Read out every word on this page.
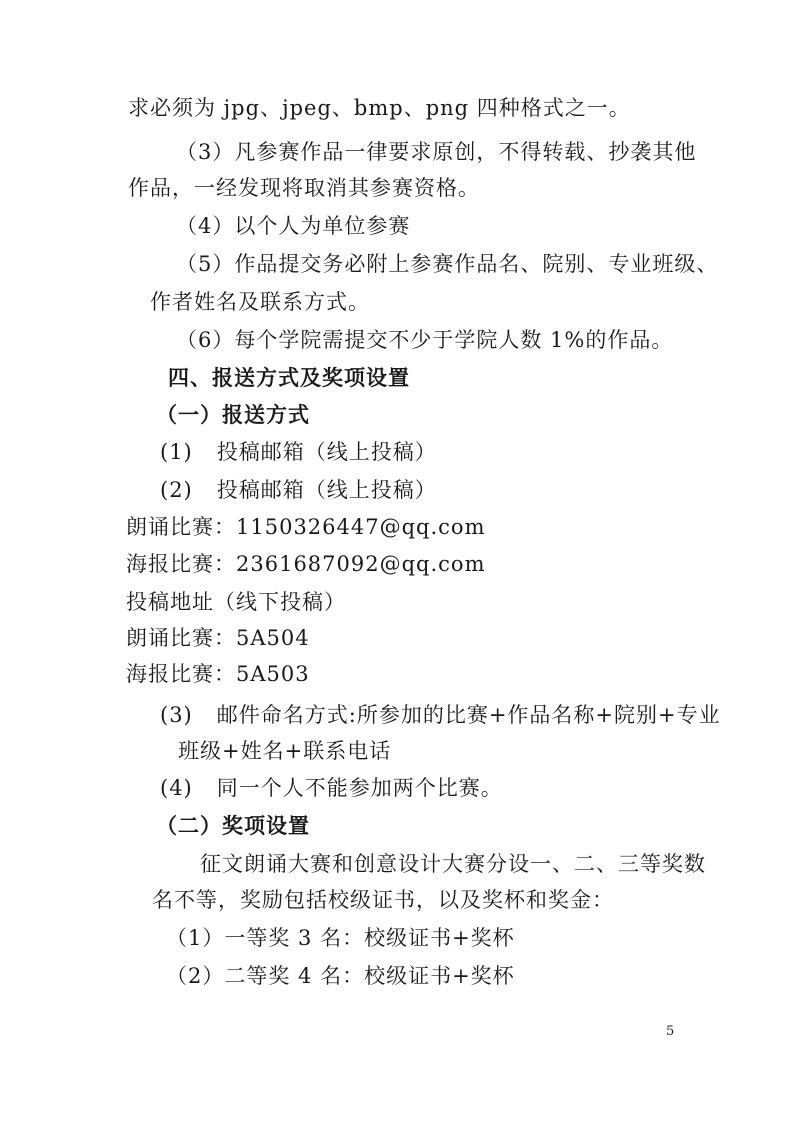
求必须为 jpg、jpeg、bmp、png 四种格式之一。
（3）凡参赛作品一律要求原创，不得转载、抄袭其他
作品，一经发现将取消其参赛资格。
（4）以个人为单位参赛
（5）作品提交务必附上参赛作品名、院别、专业班级、
作者姓名及联系方式。
（6）每个学院需提交不少于学院人数 1%的作品。
四、报送方式及奖项设置
（一）报送方式
(1) 投稿邮箱（线上投稿）
(2) 投稿邮箱（线上投稿）
朗诵比赛：1150326447@qq.com
海报比赛：2361687092@qq.com
投稿地址（线下投稿）
朗诵比赛：5A504
海报比赛：5A503
(3) 邮件命名方式:所参加的比赛+作品名称+院别+专业
班级+姓名+联系电话
(4) 同一个人不能参加两个比赛。
（二）奖项设置
征文朗诵大赛和创意设计大赛分设一、二、三等奖数
名不等，奖励包括校级证书，以及奖杯和奖金：
（1）一等奖 3 名：校级证书+奖杯
（2）二等奖 4 名：校级证书+奖杯
5
